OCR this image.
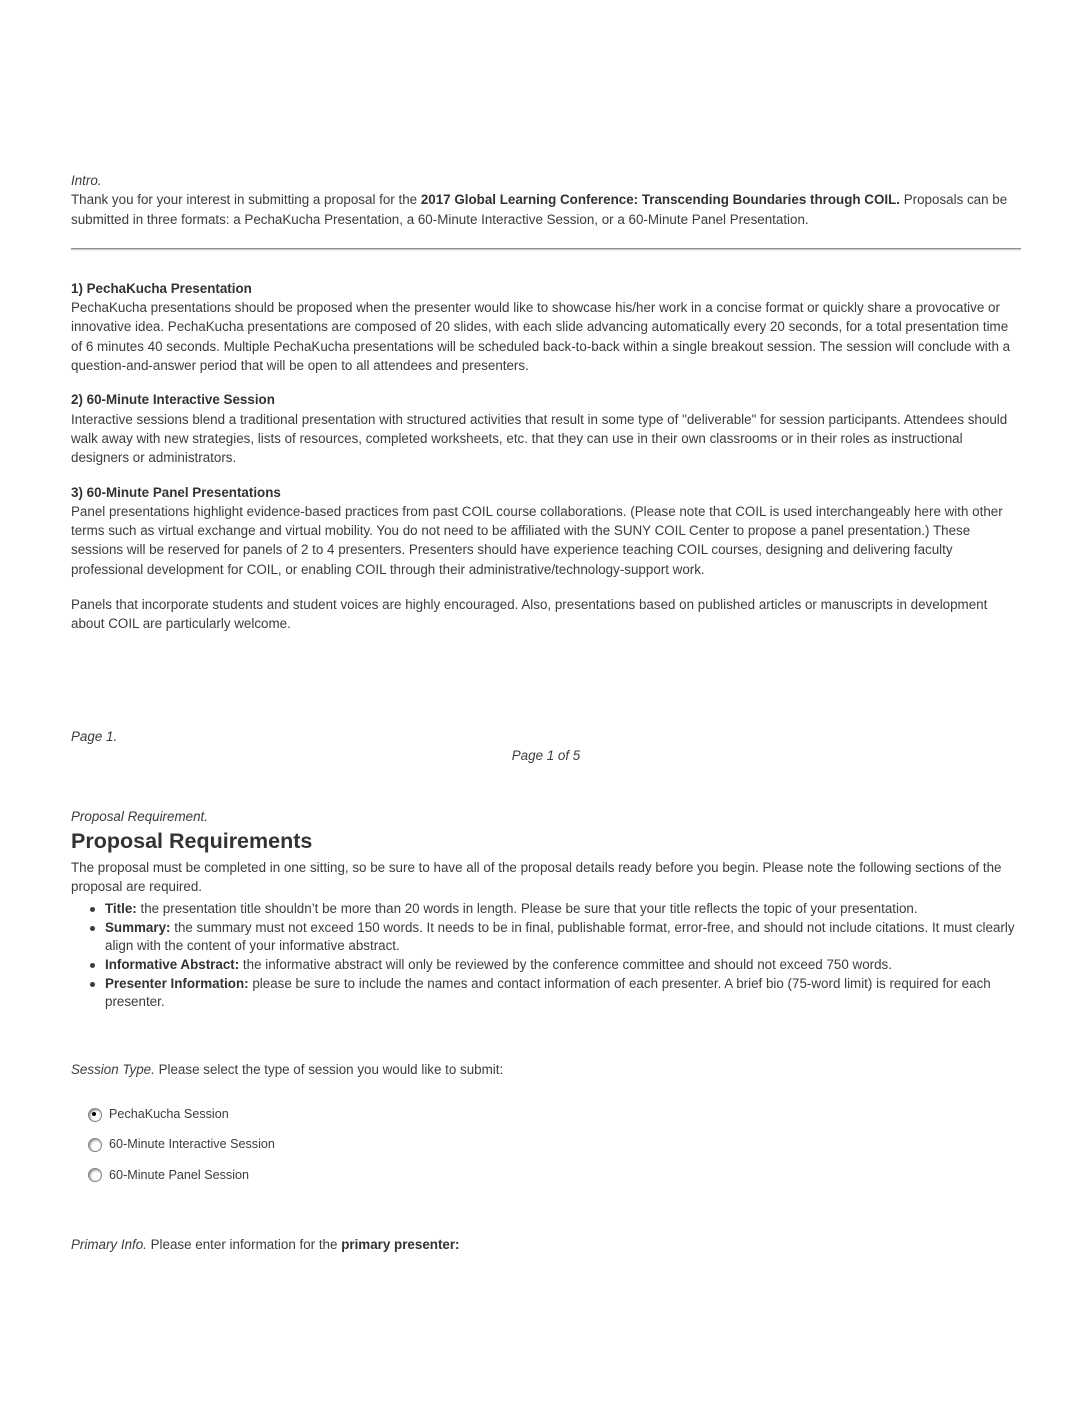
Intro.

Thank you for your interest in submitting a proposal for the 2017 Global Learning Conference: Transcending Boundaries through COIL. Proposals can be submitted in three formats: a PechaKucha Presentation, a 60-Minute Interactive Session, or a 60-Minute Panel Presentation.

1) PechaKucha Presentation

PechaKucha presentations should be proposed when the presenter would like to showcase his/her work in a concise format or quickly share a provocative or innovative idea. PechaKucha presentations are composed of 20 slides, with each slide advancing automatically every 20 seconds, for a total presentation time of 6 minutes 40 seconds. Multiple PechaKucha presentations will be scheduled back-to-back within a single breakout session. The session will conclude with a question-and-answer period that will be open to all attendees and presenters.

2) 60-Minute Interactive Session

Interactive sessions blend a traditional presentation with structured activities that result in some type of "deliverable" for session participants. Attendees should walk away with new strategies, lists of resources, completed worksheets, etc. that they can use in their own classrooms or in their roles as instructional designers or administrators.

3) 60-Minute Panel Presentations

Panel presentations highlight evidence-based practices from past COIL course collaborations. (Please note that COIL is used interchangeably here with other terms such as virtual exchange and virtual mobility. You do not need to be affiliated with the SUNY COIL Center to propose a panel presentation.) These sessions will be reserved for panels of 2 to 4 presenters. Presenters should have experience teaching COIL courses, designing and delivering faculty professional development for COIL, or enabling COIL through their administrative/technology-support work.

Panels that incorporate students and student voices are highly encouraged. Also, presentations based on published articles or manuscripts in development about COIL are particularly welcome.

Page 1.

Page 1 of 5

Proposal Requirement.

Proposal Requirements

The proposal must be completed in one sitting, so be sure to have all of the proposal details ready before you begin. Please note the following sections of the proposal are required.

Title: the presentation title shouldn’t be more than 20 words in length. Please be sure that your title reflects the topic of your presentation.
Summary: the summary must not exceed 150 words. It needs to be in final, publishable format, error-free, and should not include citations. It must clearly align with the content of your informative abstract.
Informative Abstract: the informative abstract will only be reviewed by the conference committee and should not exceed 750 words.
Presenter Information: please be sure to include the names and contact information of each presenter. A brief bio (75-word limit) is required for each presenter.

Session Type. Please select the type of session you would like to submit:

PechaKucha Session
60-Minute Interactive Session
60-Minute Panel Session

Primary Info. Please enter information for the primary presenter:
